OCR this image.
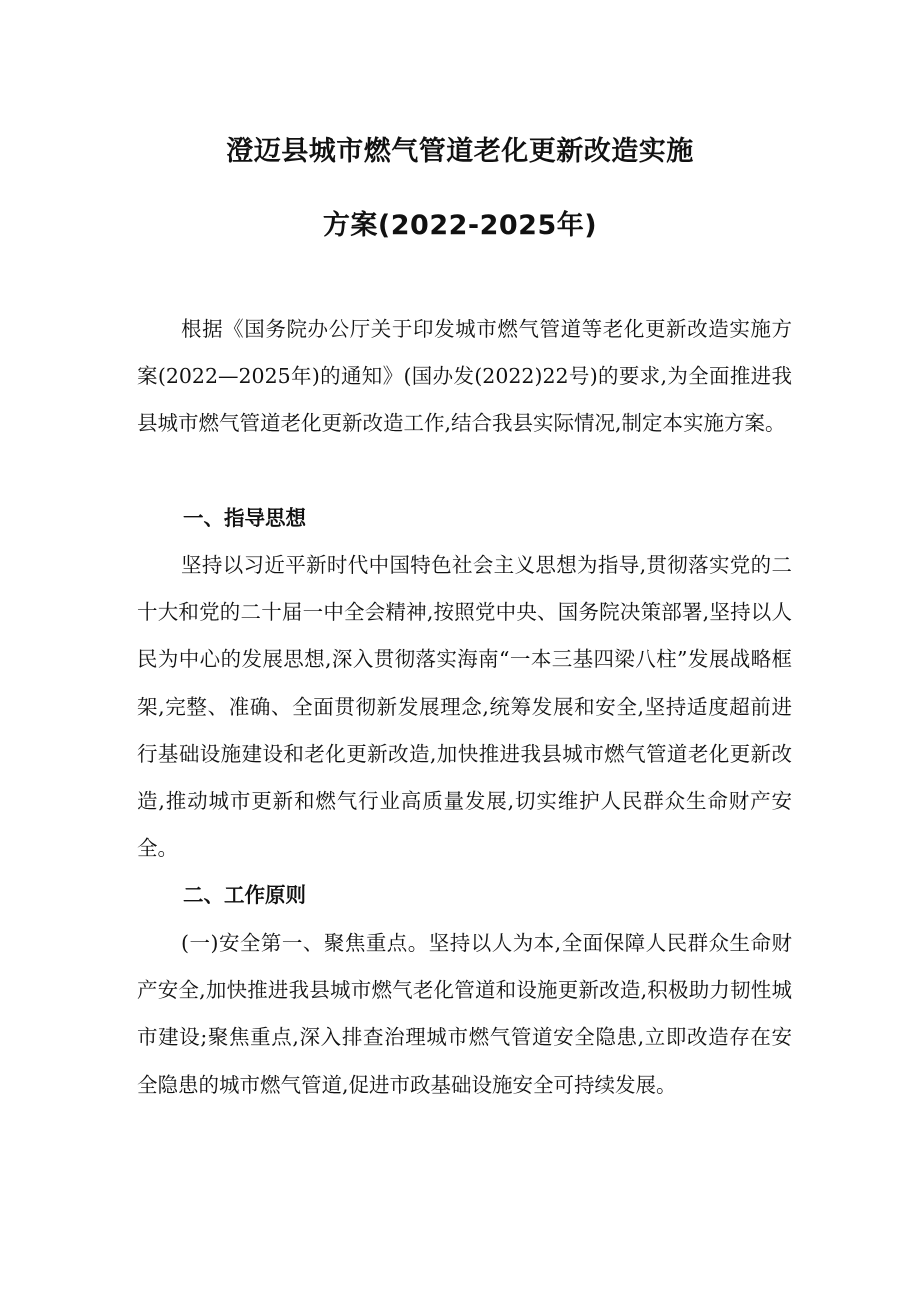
澄迈县城市燃气管道老化更新改造实施
方案(2022-2025年)

根据《国务院办公厅关于印发城市燃气管道等老化更新改造实施方案(2022—2025年)的通知》(国办发(2022)22号)的要求,为全面推进我县城市燃气管道老化更新改造工作,结合我县实际情况,制定本实施方案。

一、指导思想

坚持以习近平新时代中国特色社会主义思想为指导,贯彻落实党的二十大和党的二十届一中全会精神,按照党中央、国务院决策部署,坚持以人民为中心的发展思想,深入贯彻落实海南“一本三基四梁八柱”发展战略框架,完整、准确、全面贯彻新发展理念,统筹发展和安全,坚持适度超前进行基础设施建设和老化更新改造,加快推进我县城市燃气管道老化更新改造,推动城市更新和燃气行业高质量发展,切实维护人民群众生命财产安全。

二、工作原则

(一)安全第一、聚焦重点。坚持以人为本,全面保障人民群众生命财产安全,加快推进我县城市燃气老化管道和设施更新改造,积极助力韧性城市建设;聚焦重点,深入排查治理城市燃气管道安全隐患,立即改造存在安全隐患的城市燃气管道,促进市政基础设施安全可持续发展。
